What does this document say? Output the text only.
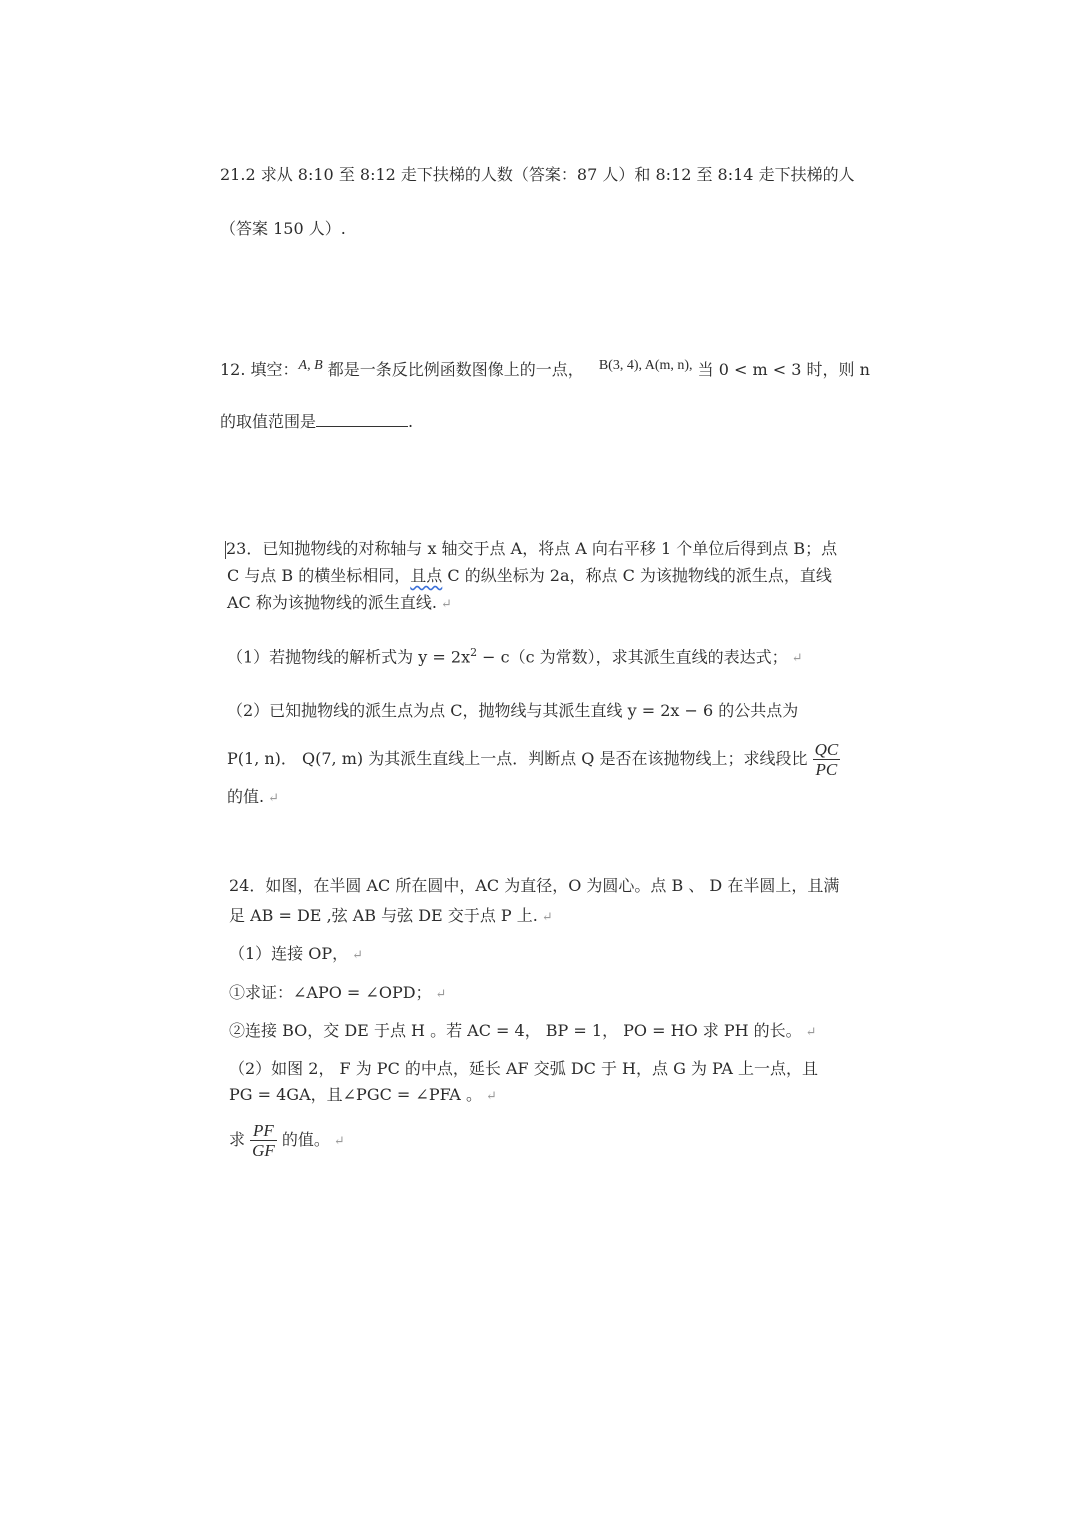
21.2 求从 8:10 至 8:12 走下扶梯的人数（答案：87 人）和 8:12 至 8:14 走下扶梯的人
（答案 150 人）.
12. 填空：A, B 都是一条反比例函数图像上的一点， B(3, 4), A(m, n), 当 0 < m < 3 时，则 n
的取值范围是	.
23．已知抛物线的对称轴与 x 轴交于点 A，将点 A 向右平移 1 个单位后得到点 B；点
C 与点 B 的横坐标相同，且点 C 的纵坐标为 2a，称点 C 为该抛物线的派生点，直线
AC 称为该抛物线的派生直线. ↵
（1）若抛物线的解析式为 $y = 2x^2 - c(c$ 为常数），求其派生直线的表达式； ↵
（2）已知抛物线的派生点为点 C，抛物线与其派生直线 y = 2x − 6 的公共点为
P(1, n)． Q(7, m) 为其派生直线上一点．判断点 Q 是否在该抛物线上；求线段比 $\frac{QC}{PC}$
的值. ↵
24．如图，在半圆 AC 所在圆中，AC 为直径，O 为圆心。点 B 、 D 在半圆上，且满
足 AB = DE ,弦 AB 与弦 DE 交于点 P 上. ↵
（1）连接 OP， ↵
①求证：∠APO = ∠OPD； ↵
②连接 BO，交 DE 于点 H 。若 AC = 4， BP = 1， PO = HO 求 PH 的长。 ↵
（2）如图 2， F 为 PC 的中点，延长 AF 交弧 DC 于 H，点 G 为 PA 上一点，且
PG = 4GA，且∠PGC = ∠PFA 。 ↵
求 $\frac{PF}{GF}$ 的值。 ↵
